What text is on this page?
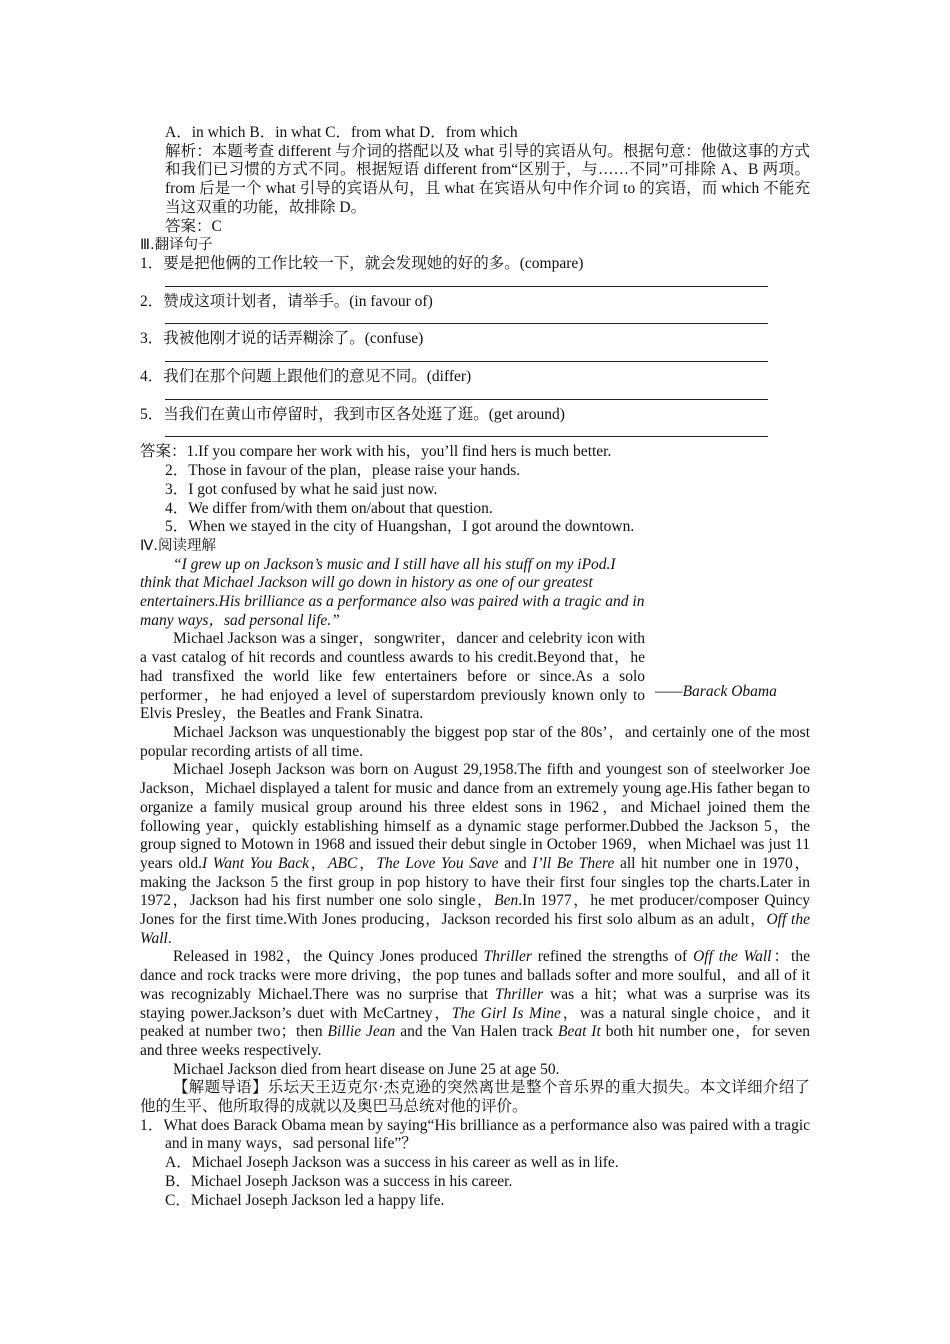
A．in which B．in what C．from what D．from which

解析：本题考查 different 与介词的搭配以及 what 引导的宾语从句。根据句意：他做这事的方式和我们已习惯的方式不同。根据短语 different from“区别于，与……不同”可排除 A、B 两项。from 后是一个 what 引导的宾语从句，且 what 在宾语从句中作介词 to 的宾语，而 which 不能充当这双重的功能，故排除 D。

答案：C

Ⅲ.翻译句子

1．要是把他俩的工作比较一下，就会发现她的好的多。(compare)

2．赞成这项计划者，请举手。(in favour of)

3．我被他刚才说的话弄糊涂了。(confuse)

4．我们在那个问题上跟他们的意见不同。(differ)

5．当我们在黄山市停留时，我到市区各处逛了逛。(get around)

答案：1.If you compare her work with his，you’ll find hers is much better.

2．Those in favour of the plan，please raise your hands.

3．I got confused by what he said just now.

4．We differ from/with them on/about that question.

5．When we stayed in the city of Huangshan，I got around the downtown.

Ⅳ.阅读理解

“I grew up on Jackson’s music and I still have all his stuff on my iPod.I think that Michael Jackson will go down in history as one of our greatest entertainers.His brilliance as a performance also was paired with a tragic and in many ways，sad personal life.”

Michael Jackson was a singer，songwriter，dancer and celebrity icon with a vast catalog of hit records and countless awards to his credit.Beyond that，he had transfixed the world like few entertainers before or since.As a solo performer，he had enjoyed a level of superstardom previously known only to Elvis Presley，the Beatles and Frank Sinatra.

——Barack Obama

Michael Jackson was unquestionably the biggest pop star of the 80s’，and certainly one of the most popular recording artists of all time.

Michael Joseph Jackson was born on August 29,1958.The fifth and youngest son of steelworker Joe Jackson，Michael displayed a talent for music and dance from an extremely young age.His father began to organize a family musical group around his three eldest sons in 1962，and Michael joined them the following year，quickly establishing himself as a dynamic stage performer.Dubbed the Jackson 5，the group signed to Motown in 1968 and issued their debut single in October 1969，when Michael was just 11 years old.I Want You Back，ABC，The Love You Save and I’ll Be There all hit number one in 1970，making the Jackson 5 the first group in pop history to have their first four singles top the charts.Later in 1972，Jackson had his first number one solo single，Ben.In 1977，he met producer/composer Quincy Jones for the first time.With Jones producing，Jackson recorded his first solo album as an adult，Off the Wall.

Released in 1982，the Quincy Jones produced Thriller refined the strengths of Off the Wall：the dance and rock tracks were more driving，the pop tunes and ballads softer and more soulful，and all of it was recognizably Michael.There was no surprise that Thriller was a hit；what was a surprise was its staying power.Jackson’s duet with McCartney，The Girl Is Mine，was a natural single choice，and it peaked at number two；then Billie Jean and the Van Halen track Beat It both hit number one，for seven and three weeks respectively.

Michael Jackson died from heart disease on June 25 at age 50.

【解题导语】乐坛天王迈克尔·杰克逊的突然离世是整个音乐界的重大损失。本文详细介绍了他的生平、他所取得的成就以及奥巴马总统对他的评价。

1．What does Barack Obama mean by saying“His brilliance as a performance also was paired with a tragic and in many ways，sad personal life”？

A．Michael Joseph Jackson was a success in his career as well as in life.

B．Michael Joseph Jackson was a success in his career.

C．Michael Joseph Jackson led a happy life.
